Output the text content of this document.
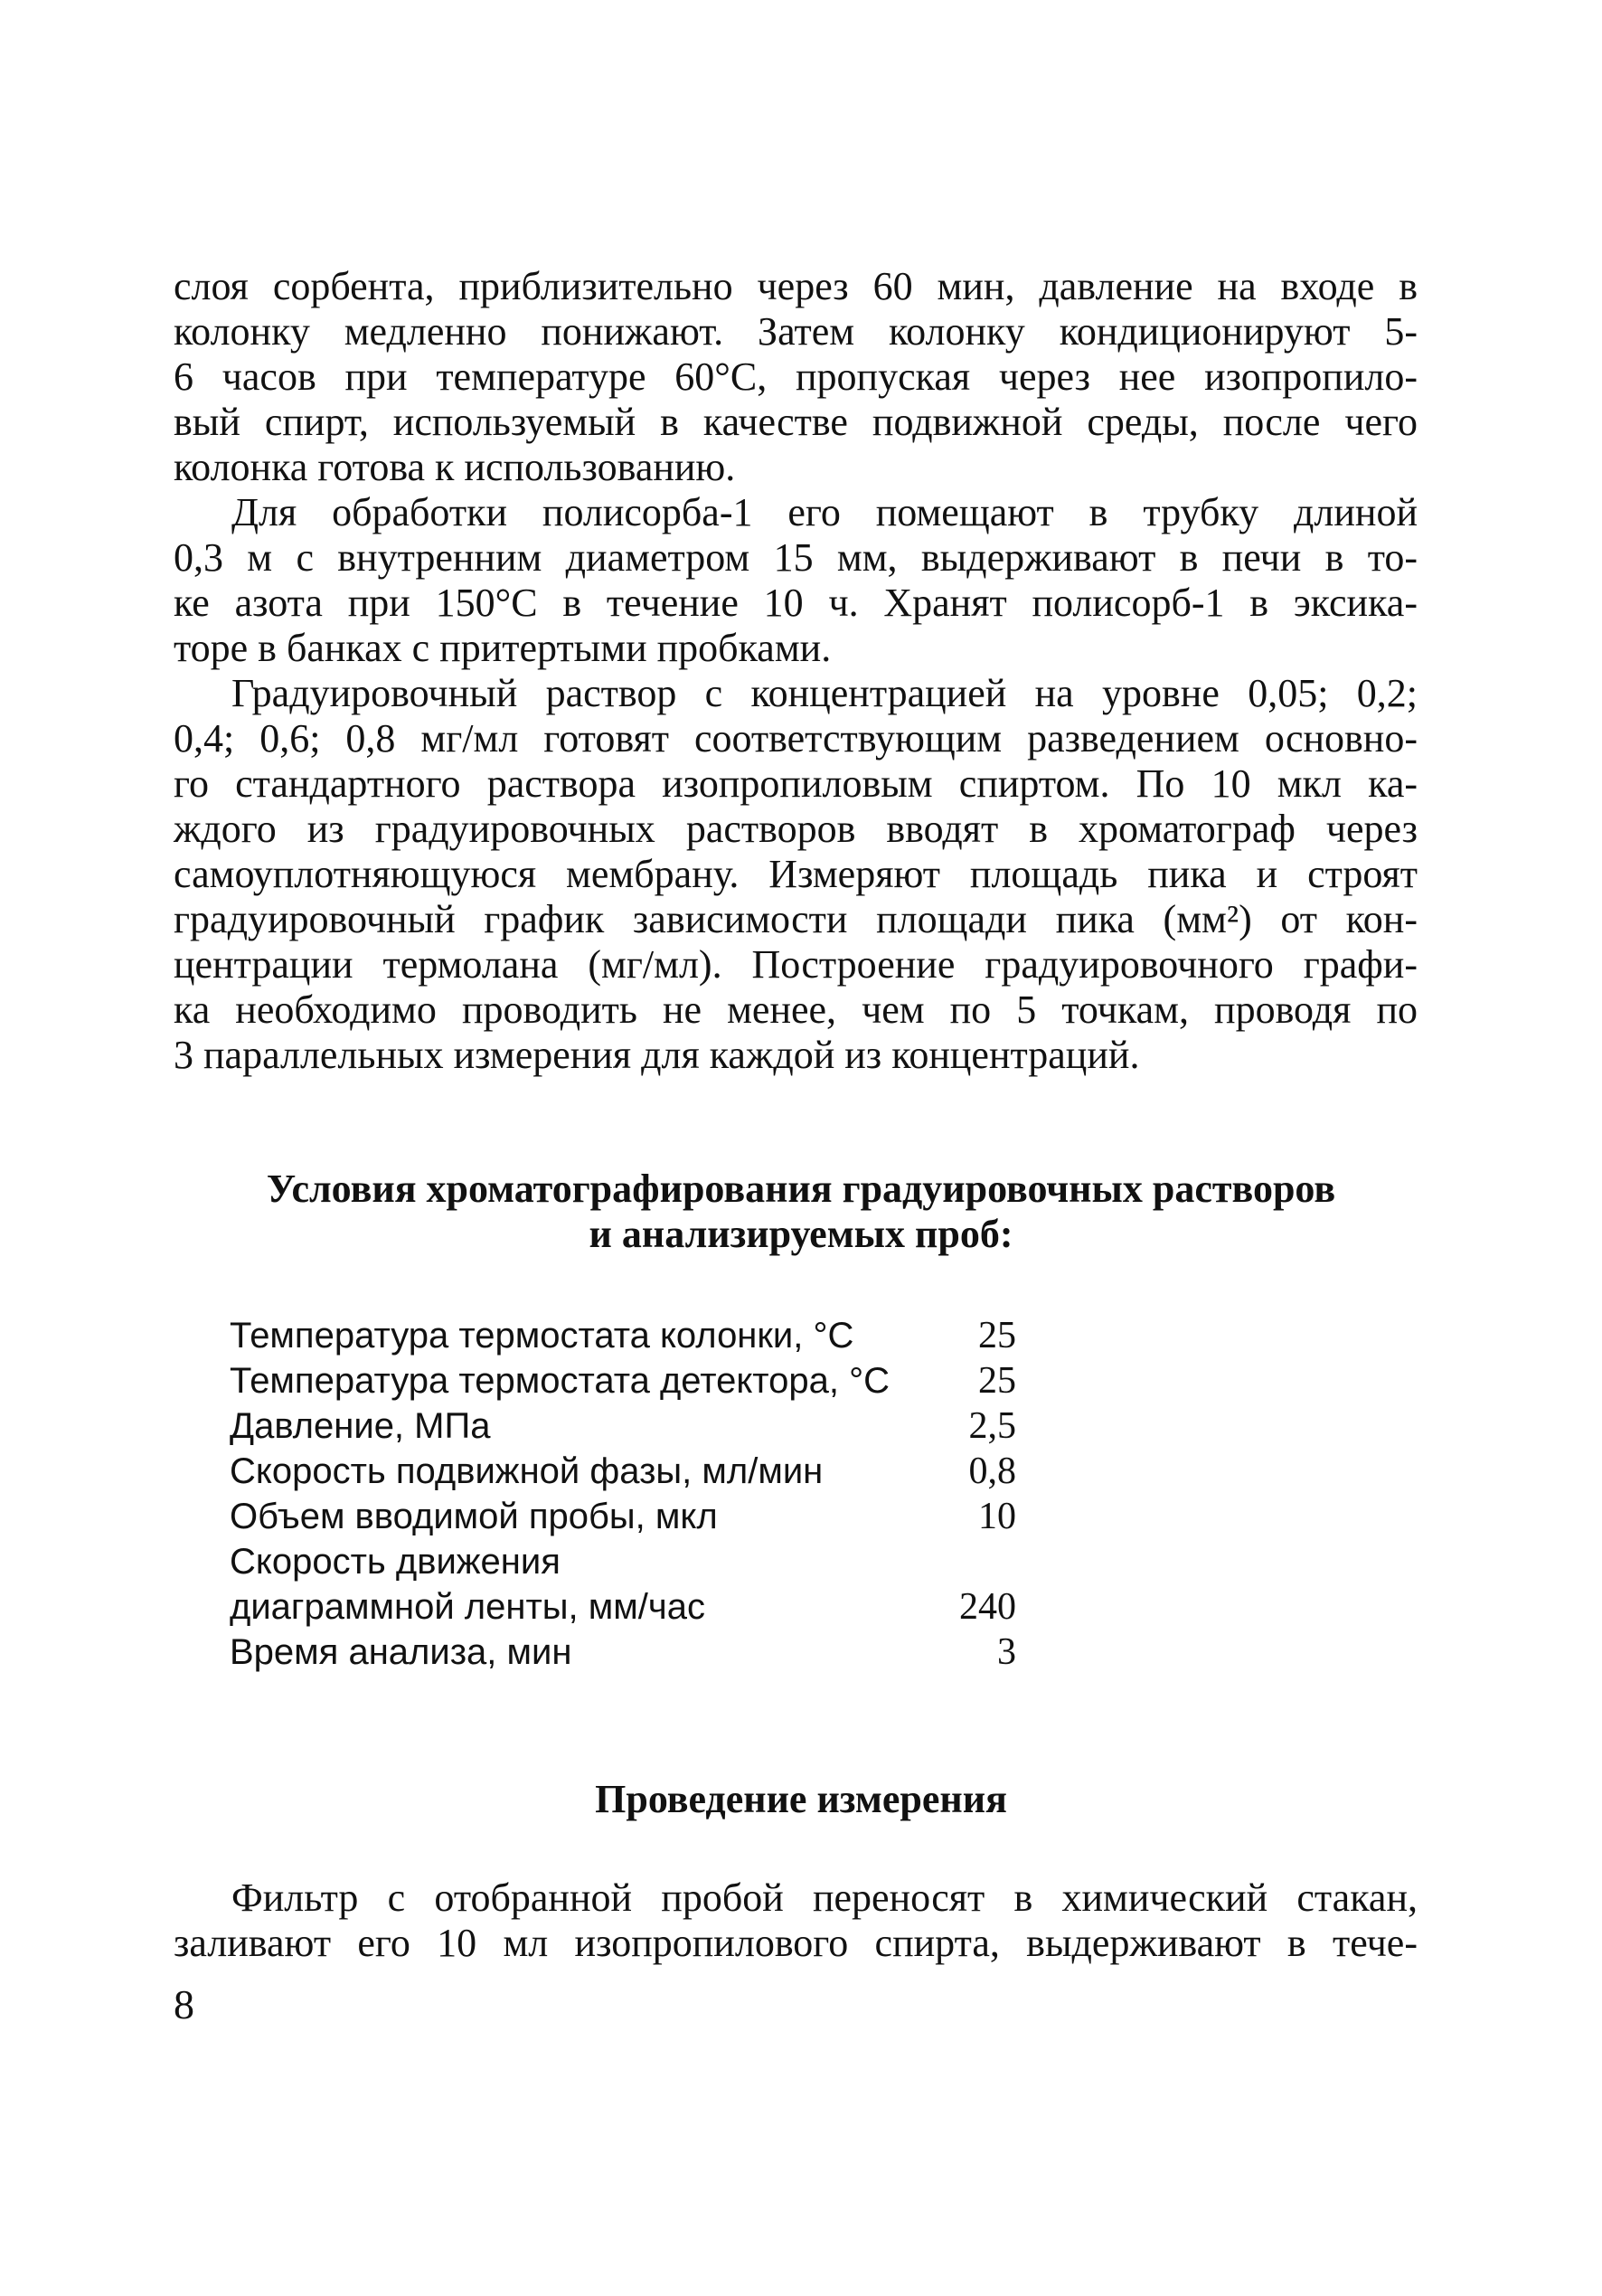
слоя сорбента, приблизительно через 60 мин, давление на входе в
колонку медленно понижают. Затем колонку кондиционируют 5-
6 часов при температуре 60°С, пропуская через нее изопропило-
вый спирт, используемый в качестве подвижной среды, после чего
колонка готова к использованию.

Для обработки полисорба-1 его помещают в трубку длиной
0,3 м с внутренним диаметром 15 мм, выдерживают в печи в то-
ке азота при 150°С в течение 10 ч. Хранят полисорб-1 в эксика-
торе в банках с притертыми пробками.

Градуировочный раствор с концентрацией на уровне 0,05; 0,2;
0,4; 0,6; 0,8 мг/мл готовят соответствующим разведением основно-
го стандартного раствора изопропиловым спиртом. По 10 мкл ка-
ждого из градуировочных растворов вводят в хроматограф через
самоуплотняющуюся мембрану. Измеряют площадь пика и строят
градуировочный график зависимости площади пика (мм²) от кон-
центрации термолана (мг/мл). Построение градуировочного графи-
ка необходимо проводить не менее, чем по 5 точкам, проводя по
3 параллельных измерения для каждой из концентраций.

Условия хроматографирования градуировочных растворов
и анализируемых проб:
Температура термостата колонки, °С	25
Температура термостата детектора, °С	25
Давление, МПа	2,5
Скорость подвижной фазы, мл/мин	0,8
Объем вводимой пробы, мкл	10
Скорость движения	
диаграммной ленты, мм/час	240
Время анализа, мин	3
Проведение измерения

Фильтр с отобранной пробой переносят в химический стакан,
заливают его 10 мл изопропилового спирта, выдерживают в тече-

8
